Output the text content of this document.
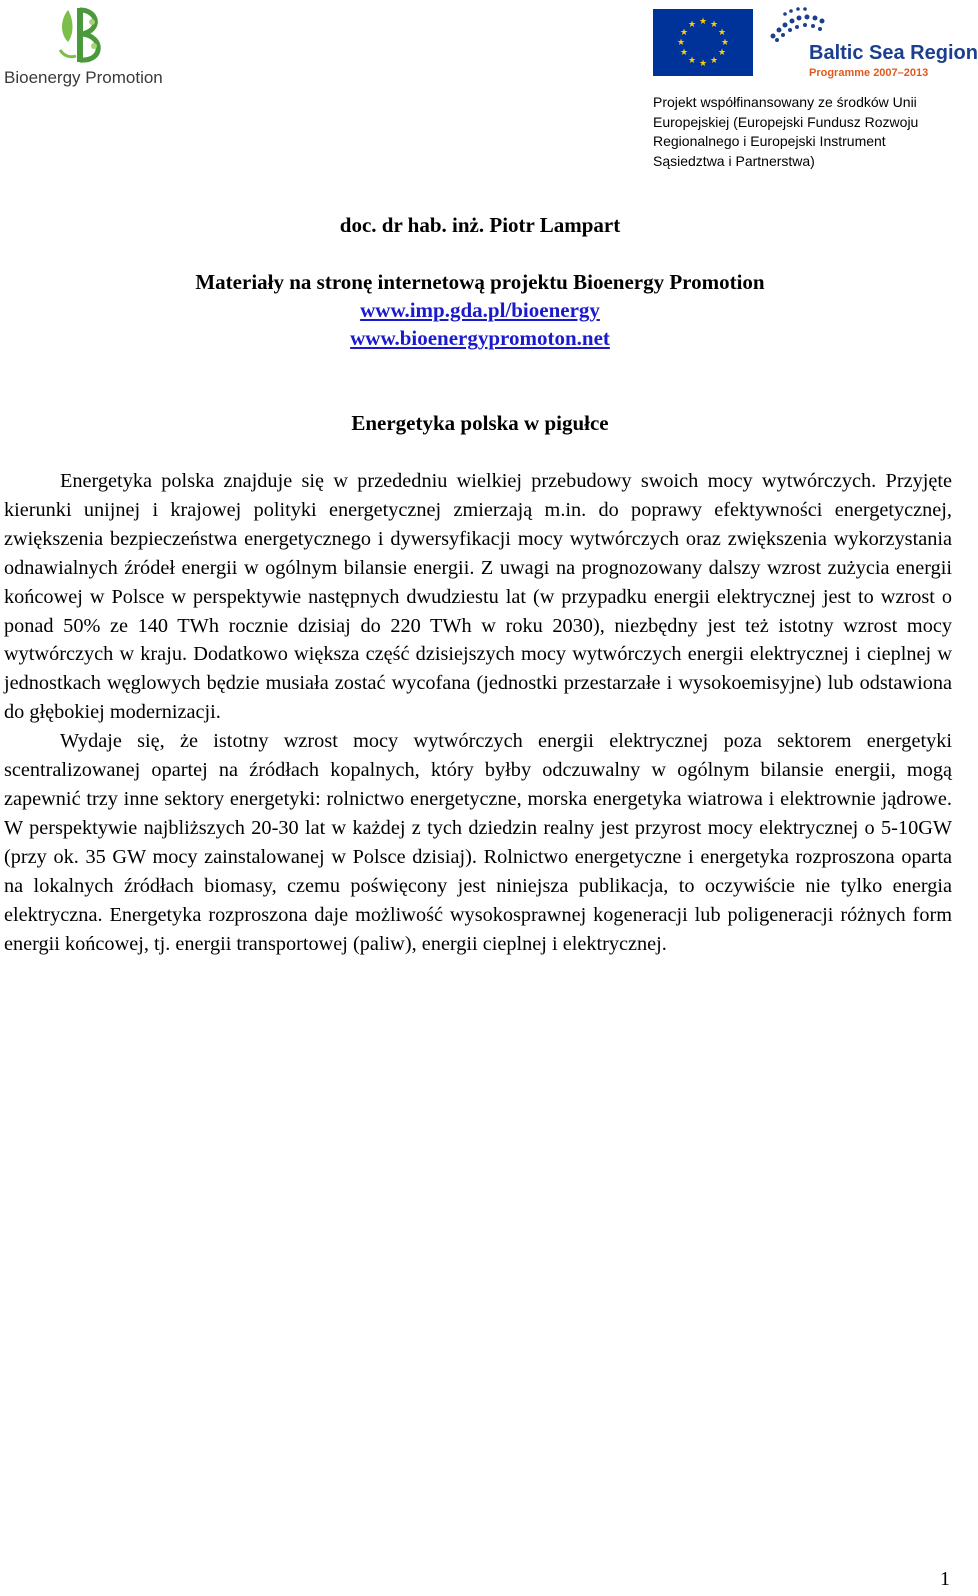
Bioenergy Promotion
★ ★
★
★
★
★
★
★
★
★
★
★
Baltic Sea Region
Programme 2007–2013
Projekt współfinansowany ze środków Unii
Europejskiej (Europejski Fundusz Rozwoju
Regionalnego i Europejski Instrument
Sąsiedztwa i Partnerstwa)
doc. dr hab. inż. Piotr Lampart
Materiały na stronę internetową projektu Bioenergy Promotion
www.imp.gda.pl/bioenergy
www.bioenergypromoton.net
Energetyka polska w pigułce

Energetyka polska znajduje się w przededniu wielkiej przebudowy swoich mocy wytwórczych. Przyjęte kierunki unijnej i krajowej polityki energetycznej zmierzają m.in. do poprawy efektywności energetycznej, zwiększenia bezpieczeństwa energetycznego i dywersyfikacji mocy wytwórczych oraz zwiększenia wykorzystania odnawialnych źródeł energii w ogólnym bilansie energii. Z uwagi na prognozowany dalszy wzrost zużycia energii końcowej w Polsce w perspektywie następnych dwudziestu lat (w przypadku energii elektrycznej jest to wzrost o ponad 50% ze 140 TWh rocznie dzisiaj do 220 TWh w roku 2030), niezbędny jest też istotny wzrost mocy wytwórczych w kraju. Dodatkowo większa część dzisiejszych mocy wytwórczych energii elektrycznej i cieplnej w jednostkach węglowych będzie musiała zostać wycofana (jednostki przestarzałe i wysokoemisyjne) lub odstawiona do głębokiej modernizacji.

Wydaje się, że istotny wzrost mocy wytwórczych energii elektrycznej poza sektorem energetyki scentralizowanej opartej na źródłach kopalnych, który byłby odczuwalny w ogólnym bilansie energii, mogą zapewnić trzy inne sektory energetyki: rolnictwo energetyczne, morska energetyka wiatrowa i elektrownie jądrowe. W perspektywie najbliższych 20-30 lat w każdej z tych dziedzin realny jest przyrost mocy elektrycznej o 5-10GW (przy ok. 35 GW mocy zainstalowanej w Polsce dzisiaj). Rolnictwo energetyczne i energetyka rozproszona oparta na lokalnych źródłach biomasy, czemu poświęcony jest niniejsza publikacja, to oczywiście nie tylko energia elektryczna. Energetyka rozproszona daje możliwość wysokosprawnej kogeneracji lub poligeneracji różnych form energii końcowej, tj. energii transportowej (paliw), energii cieplnej i elektrycznej.

1
